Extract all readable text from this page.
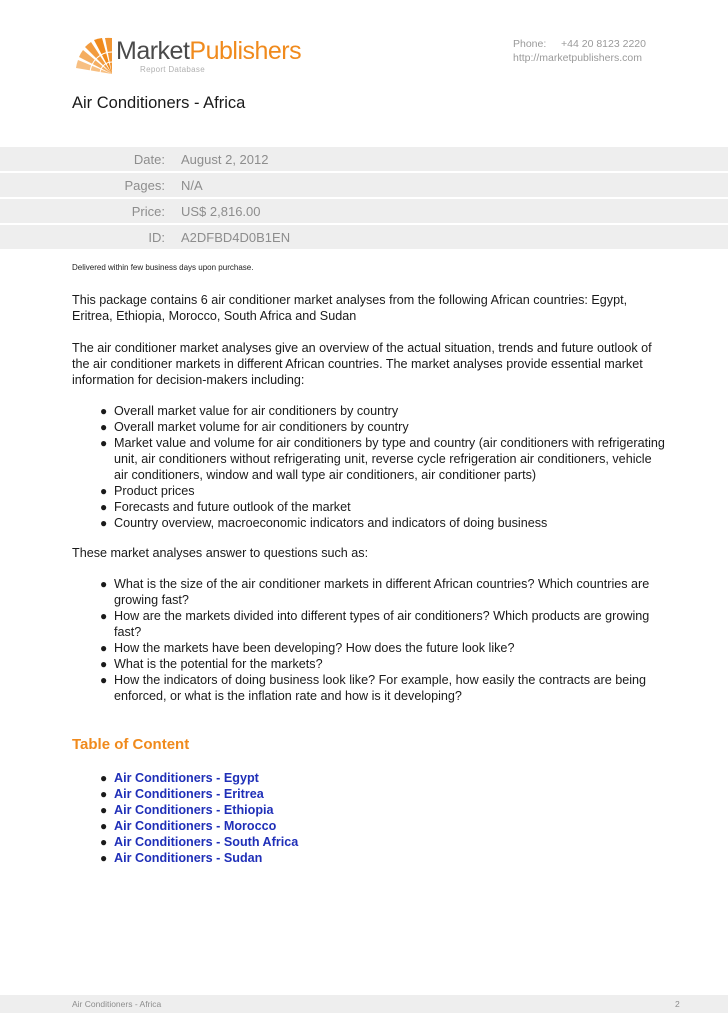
Phone: +44 20 8123 2220
http://marketpublishers.com
MarketPublishers
Report Database
Air Conditioners - Africa
Date: August 2, 2012
Pages: N/A
Price: US$ 2,816.00
ID: A2DFBD4D0B1EN
Delivered within few business days upon purchase.

This package contains 6 air conditioner market analyses from the following African countries: Egypt, Eritrea, Ethiopia, Morocco, South Africa and Sudan

The air conditioner market analyses give an overview of the actual situation, trends and future outlook of the air conditioner markets in different African countries. The market analyses provide essential market information for decision-makers including:

● Overall market value for air conditioners by country
● Overall market volume for air conditioners by country
● Market value and volume for air conditioners by type and country (air conditioners with refrigerating unit, air conditioners without refrigerating unit, reverse cycle refrigeration air conditioners, vehicle air conditioners, window and wall type air conditioners, air conditioner parts)
● Product prices
● Forecasts and future outlook of the market
● Country overview, macroeconomic indicators and indicators of doing business

These market analyses answer to questions such as:

● What is the size of the air conditioner markets in different African countries? Which countries are growing fast?
● How are the markets divided into different types of air conditioners? Which products are growing fast?
● How the markets have been developing? How does the future look like?
● What is the potential for the markets?
● How the indicators of doing business look like? For example, how easily the contracts are being enforced, or what is the inflation rate and how is it developing?
Table of Content
● Air Conditioners - Egypt
● Air Conditioners - Eritrea
● Air Conditioners - Ethiopia
● Air Conditioners - Morocco
● Air Conditioners - South Africa
● Air Conditioners - Sudan
Air Conditioners - Africa	2
